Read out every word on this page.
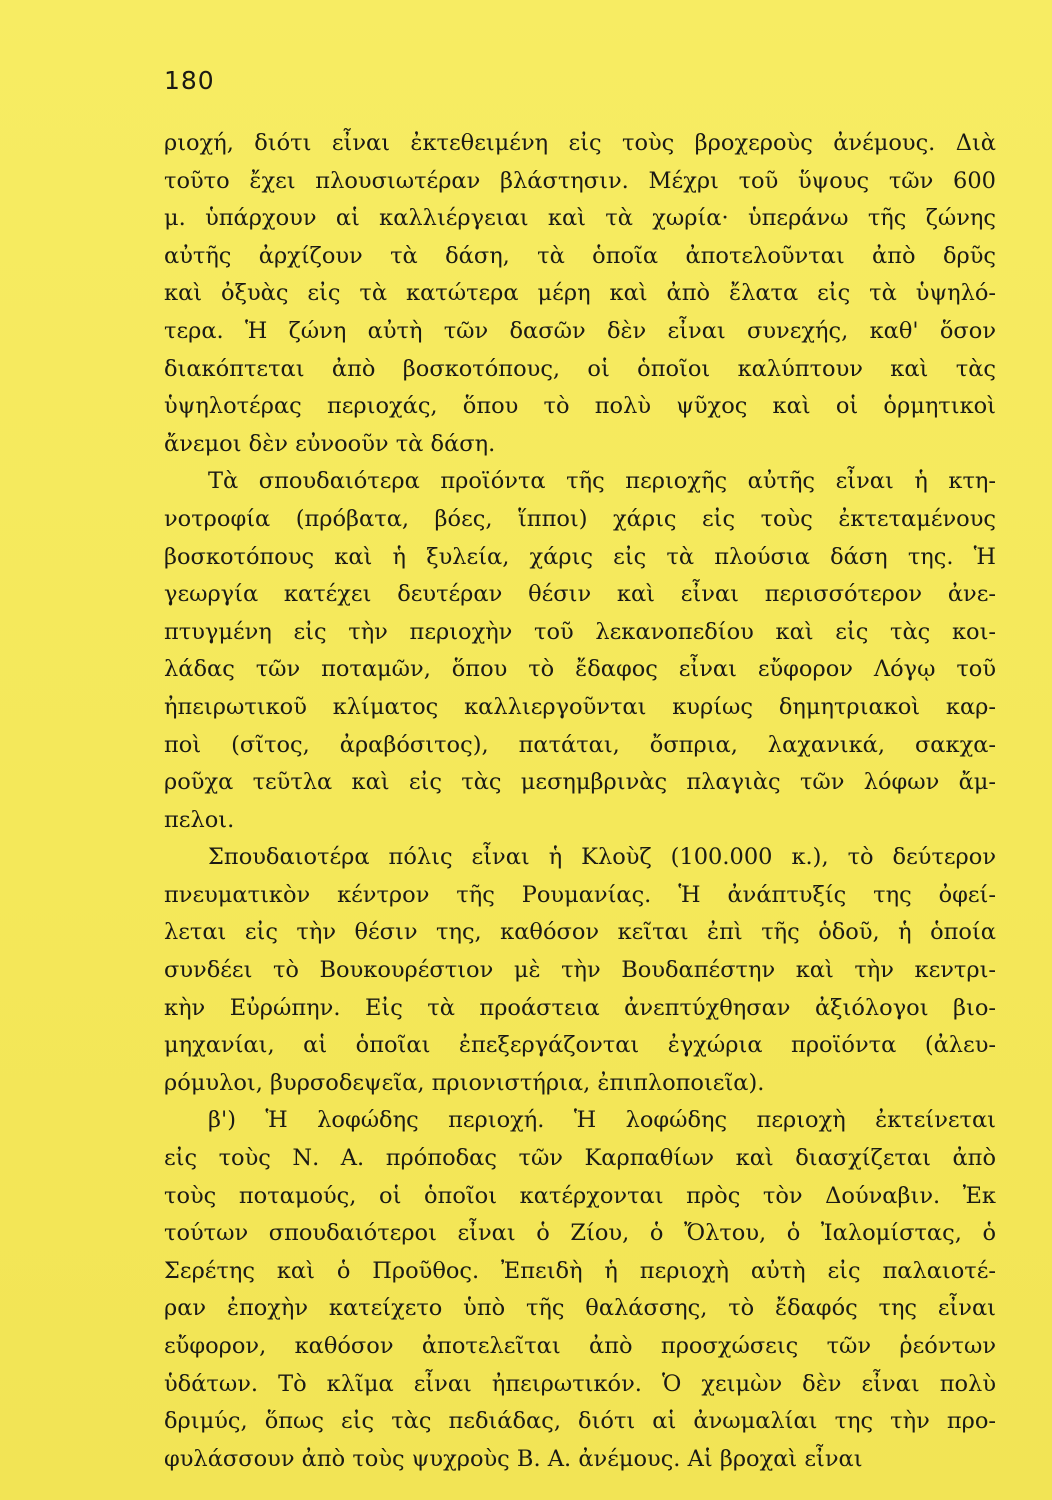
180
ριοχή, διότι εἶναι ἐκτεθειμένη εἰς τοὺς βροχεροὺς ἀνέμους. Διὰ
τοῦτο ἔχει πλουσιωτέραν βλάστησιν. Μέχρι τοῦ ὕψους τῶν 600
μ. ὑπάρχουν αἱ καλλιέργειαι καὶ τὰ χωρία· ὑπεράνω τῆς ζώνης
αὐτῆς ἀρχίζουν τὰ δάση, τὰ ὁποῖα ἀποτελοῦνται ἀπὸ δρῦς
καὶ ὀξυὰς εἰς τὰ κατώτερα μέρη καὶ ἀπὸ ἔλατα εἰς τὰ ὑψηλό-
τερα. Ἡ ζώνη αὐτὴ τῶν δασῶν δὲν εἶναι συνεχής, καθ' ὅσον
διακόπτεται ἀπὸ βοσκοτόπους, οἱ ὁποῖοι καλύπτουν καὶ τὰς
ὑψηλοτέρας περιοχάς, ὅπου τὸ πολὺ ψῦχος καὶ οἱ ὁρμητικοὶ
ἄνεμοι δὲν εὐνοοῦν τὰ δάση.
Τὰ σπουδαιότερα προϊόντα τῆς περιοχῆς αὐτῆς εἶναι ἡ κτη-
νοτροφία (πρόβατα, βόες, ἵπποι) χάρις εἰς τοὺς ἐκτεταμένους
βοσκοτόπους καὶ ἡ ξυλεία, χάρις εἰς τὰ πλούσια δάση της. Ἡ
γεωργία κατέχει δευτέραν θέσιν καὶ εἶναι περισσότερον ἀνε-
πτυγμένη εἰς τὴν περιοχὴν τοῦ λεκανοπεδίου καὶ εἰς τὰς κοι-
λάδας τῶν ποταμῶν, ὅπου τὸ ἔδαφος εἶναι εὔφορον Λόγῳ τοῦ
ἠπειρωτικοῦ κλίματος καλλιεργοῦνται κυρίως δημητριακοὶ καρ-
ποὶ (σῖτος, ἀραβόσιτος), πατάται, ὄσπρια, λαχανικά, σακχα-
ροῦχα τεῦτλα καὶ εἰς τὰς μεσημβρινὰς πλαγιὰς τῶν λόφων ἄμ-
πελοι.
Σπουδαιοτέρα πόλις εἶναι ἡ Κλοὺζ (100.000 κ.), τὸ δεύτερον
πνευματικὸν κέντρον τῆς Ρουμανίας. Ἡ ἀνάπτυξίς της ὀφεί-
λεται εἰς τὴν θέσιν της, καθόσον κεῖται ἐπὶ τῆς ὁδοῦ, ἡ ὁποία
συνδέει τὸ Βουκουρέστιον μὲ τὴν Βουδαπέστην καὶ τὴν κεντρι-
κὴν Εὐρώπην. Εἰς τὰ προάστεια ἀνεπτύχθησαν ἀξιόλογοι βιο-
μηχανίαι, αἱ ὁποῖαι ἐπεξεργάζονται ἐγχώρια προϊόντα (ἀλευ-
ρόμυλοι, βυρσοδεψεῖα, πριονιστήρια, ἐπιπλοποιεῖα).
β') Ἡ λοφώδης περιοχή. Ἡ λοφώδης περιοχὴ ἐκτείνεται
εἰς τοὺς Ν. Α. πρόποδας τῶν Καρπαθίων καὶ διασχίζεται ἀπὸ
τοὺς ποταμούς, οἱ ὁποῖοι κατέρχονται πρὸς τὸν Δούναβιν. Ἐκ
τούτων σπουδαιότεροι εἶναι ὁ Ζίου, ὁ Ὄλτου, ὁ Ἰαλομίστας, ὁ
Σερέτης καὶ ὁ Προῦθος. Ἐπειδὴ ἡ περιοχὴ αὐτὴ εἰς παλαιοτέ-
ραν ἐποχὴν κατείχετο ὑπὸ τῆς θαλάσσης, τὸ ἔδαφός της εἶναι
εὔφορον, καθόσον ἀποτελεῖται ἀπὸ προσχώσεις τῶν ῥεόντων
ὑδάτων. Τὸ κλῖμα εἶναι ἠπειρωτικόν. Ὁ χειμὼν δὲν εἶναι πολὺ
δριμύς, ὅπως εἰς τὰς πεδιάδας, διότι αἱ ἀνωμαλίαι της τὴν προ-
φυλάσσουν ἀπὸ τοὺς ψυχροὺς Β. Α. ἀνέμους. Αἱ βροχαὶ εἶναι
